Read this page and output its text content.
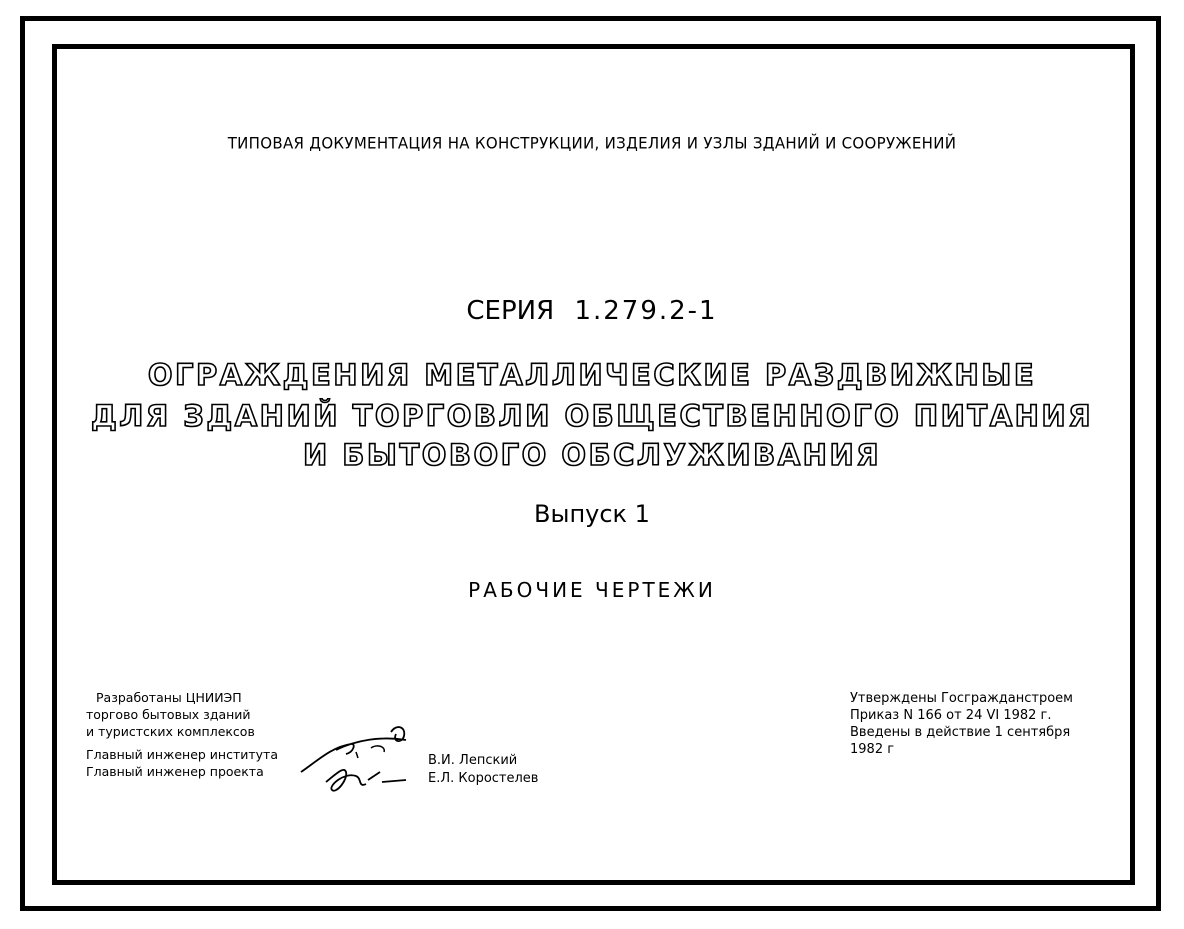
ТИПОВАЯ ДОКУМЕНТАЦИЯ НА КОНСТРУКЦИИ, ИЗДЕЛИЯ И УЗЛЫ ЗДАНИЙ И СООРУЖЕНИЙ
СЕРИЯ 1.279.2-1
ОГРАЖДЕНИЯ МЕТАЛЛИЧЕСКИЕ РАЗДВИЖНЫЕ
ДЛЯ ЗДАНИЙ ТОРГОВЛИ ОБЩЕСТВЕННОГО ПИТАНИЯ
И БЫТОВОГО ОБСЛУЖИВАНИЯ
Выпуск 1
РАБОЧИЕ ЧЕРТЕЖИ
Разработаны ЦНИИЭП
торгово бытовых зданий
и туристских комплексов
Главный инженер института
Главный инженер проекта
В.И. Лепский
Е.Л. Коростелев
Утверждены Госгражданстроем
Приказ N 166 от 24 VI 1982 г.
Введены в действие 1 сентября
1982 г
